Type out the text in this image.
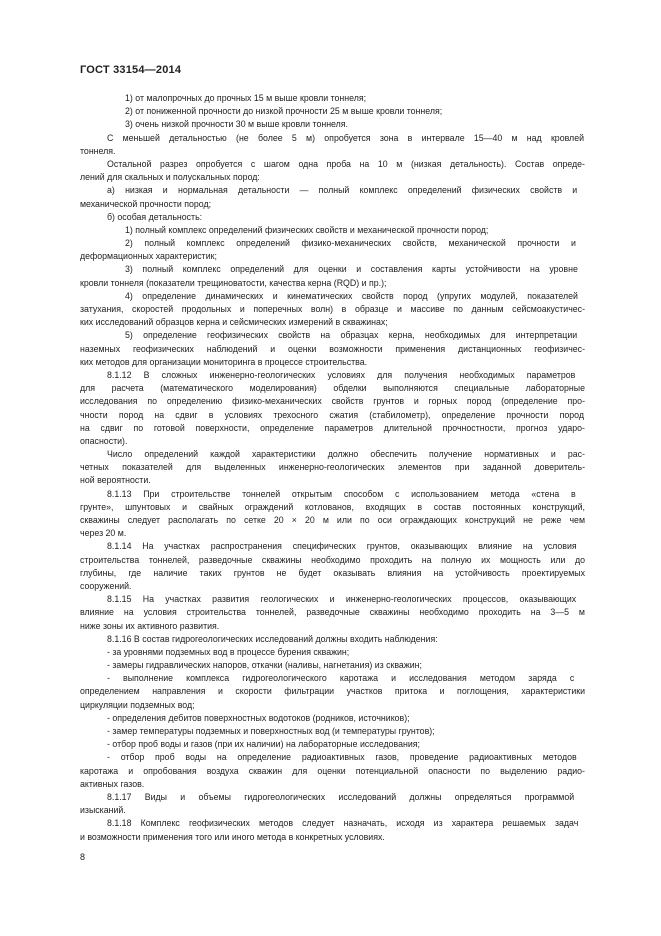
ГОСТ 33154—2014
1) от малопрочных до прочных 15 м выше кровли тоннеля;
2) от пониженной прочности до низкой прочности 25 м выше кровли тоннеля;
3) очень низкой прочности 30 м выше кровли тоннеля.
С меньшей детальностью (не более 5 м) опробуется зона в интервале 15—40 м над кровлей
тоннеля.
Остальной разрез опробуется с шагом одна проба на 10 м (низкая детальность). Состав опреде-
лений для скальных и полускальных пород:
а) низкая и нормальная детальности — полный комплекс определений физических свойств и
механической прочности пород;
б) особая детальность:
1) полный комплекс определений физических свойств и механической прочности пород;
2) полный комплекс определений физико-механических свойств, механической прочности и
деформационных характеристик;
3) полный комплекс определений для оценки и составления карты устойчивости на уровне
кровли тоннеля (показатели трещиноватости, качества керна (RQD) и пр.);
4) определение динамических и кинематических свойств пород (упругих модулей, показателей
затухания, скоростей продольных и поперечных волн) в образце и массиве по данным сейсмоакустичес-
ких исследований образцов керна и сейсмических измерений в скважинах;
5) определение геофизических свойств на образцах керна, необходимых для интерпретации
наземных геофизических наблюдений и оценки возможности применения дистанционных геофизичес-
ких методов для организации мониторинга в процессе строительства.
8.1.12 В сложных инженерно-геологических условиях для получения необходимых параметров
для расчета (математического моделирования) обделки выполняются специальные лабораторные
исследования по определению физико-механических свойств грунтов и горных пород (определение про-
чности пород на сдвиг в условиях трехосного сжатия (стабилометр), определение прочности пород
на сдвиг по готовой поверхности, определение параметров длительной прочностности, прогноз ударо-
опасности).
Число определений каждой характеристики должно обеспечить получение нормативных и рас-
четных показателей для выделенных инженерно-геологических элементов при заданной доверитель-
ной вероятности.
8.1.13 При строительстве тоннелей открытым способом с использованием метода «стена в
грунте», шпунтовых и свайных ограждений котлованов, входящих в состав постоянных конструкций,
скважины следует располагать по сетке 20 × 20 м или по оси ограждающих конструкций не реже чем
через 20 м.
8.1.14 На участках распространения специфических грунтов, оказывающих влияние на условия
строительства тоннелей, разведочные скважины необходимо проходить на полную их мощность или до
глубины, где наличие таких грунтов не будет оказывать влияния на устойчивость проектируемых
сооружений.
8.1.15 На участках развития геологических и инженерно-геологических процессов, оказывающих
влияние на условия строительства тоннелей, разведочные скважины необходимо проходить на 3—5 м
ниже зоны их активного развития.
8.1.16 В состав гидрогеологических исследований должны входить наблюдения:
- за уровнями подземных вод в процессе бурения скважин;
- замеры гидравлических напоров, откачки (наливы, нагнетания) из скважин;
- выполнение комплекса гидрогеологического каротажа и исследования методом заряда с
определением направления и скорости фильтрации участков притока и поглощения, характеристики
циркуляции подземных вод;
- определения дебитов поверхностных водотоков (родников, источников);
- замер температуры подземных и поверхностных вод (и температуры грунтов);
- отбор проб воды и газов (при их наличии) на лабораторные исследования;
- отбор проб воды на определение радиоактивных газов, проведение радиоактивных методов
каротажа и опробования воздуха скважин для оценки потенциальной опасности по выделению радио-
активных газов.
8.1.17 Виды и объемы гидрогеологических исследований должны определяться программой
изысканий.
8.1.18 Комплекс геофизических методов следует назначать, исходя из характера решаемых задач
и возможности применения того или иного метода в конкретных условиях.
8
